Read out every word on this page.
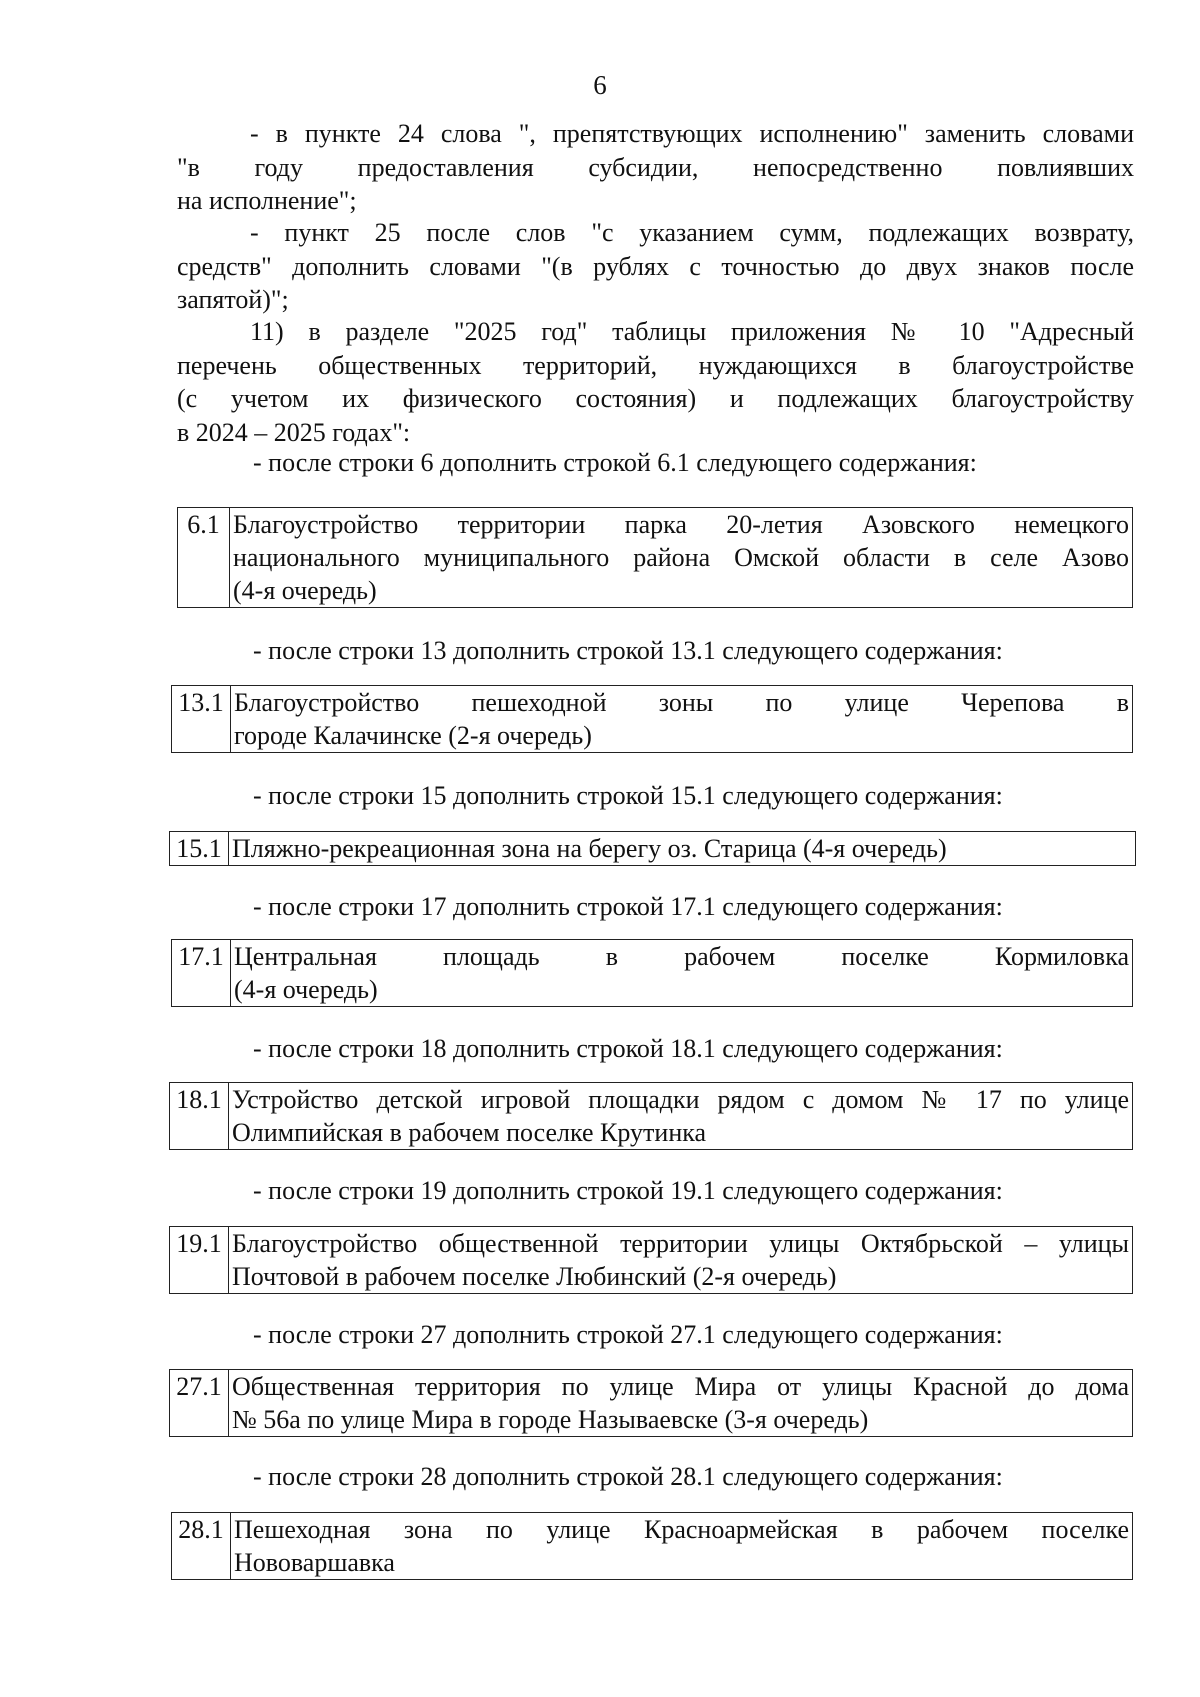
6
- в пункте 24 слова ", препятствующих исполнению" заменить словами
"в году предоставления субсидии, непосредственно повлиявших
на исполнение";
- пункт 25 после слов "с указанием сумм, подлежащих возврату,
средств" дополнить словами "(в рублях с точностью до двух знаков после
запятой)";
11) в разделе "2025 год" таблицы приложения № 10 "Адресный
перечень общественных территорий, нуждающихся в благоустройстве
(с учетом их физического состояния) и подлежащих благоустройству
в 2024 – 2025 годах":
- после строки 6 дополнить строкой 6.1 следующего содержания:
6.1	Благоустройство территории парка 20-летия Азовского немецкого
национального муниципального района Омской области в селе Азово
(4-я очередь)
- после строки 13 дополнить строкой 13.1 следующего содержания:
13.1	Благоустройство пешеходной зоны по улице Черепова в
городе Калачинске (2-я очередь)
- после строки 15 дополнить строкой 15.1 следующего содержания:
15.1	Пляжно-рекреационная зона на берегу оз. Старица (4-я очередь)
- после строки 17 дополнить строкой 17.1 следующего содержания:
17.1	Центральная площадь в рабочем поселке Кормиловка
(4-я очередь)
- после строки 18 дополнить строкой 18.1 следующего содержания:
18.1	Устройство детской игровой площадки рядом с домом № 17 по улице
Олимпийская в рабочем поселке Крутинка
- после строки 19 дополнить строкой 19.1 следующего содержания:
19.1	Благоустройство общественной территории улицы Октябрьской – улицы
Почтовой в рабочем поселке Любинский (2-я очередь)
- после строки 27 дополнить строкой 27.1 следующего содержания:
27.1	Общественная территория по улице Мира от улицы Красной до дома
№ 56а по улице Мира в городе Называевске (3-я очередь)
- после строки 28 дополнить строкой 28.1 следующего содержания:
28.1	Пешеходная зона по улице Красноармейская в рабочем поселке
Нововаршавка
